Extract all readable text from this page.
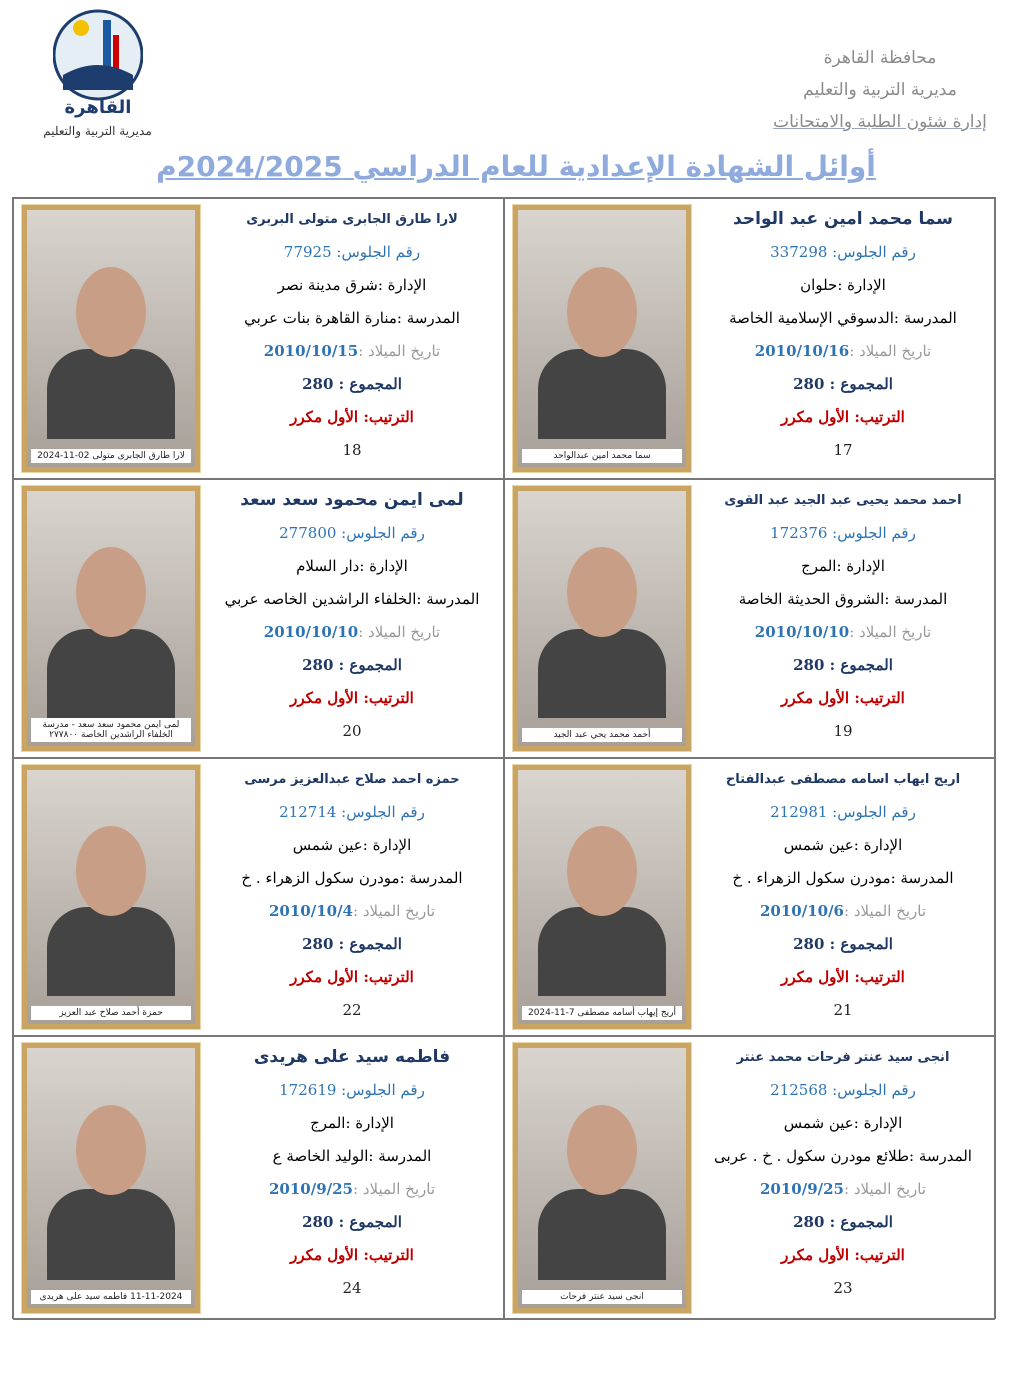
القاهرة
مديرية التربية والتعليم
محافظة القاهرة
مديرية التربية والتعليم
إدارة شئون الطلبة والامتحانات
أوائل الشهادة الإعدادية للعام الدراسي 2024/2025م
سما محمد امين عبدالواحد
سما محمد امين عبد الواحد
رقم الجلوس: 337298
الإدارة :حلوان
المدرسة :الدسوقي الإسلامية الخاصة
تاريخ الميلاد :2010/10/16
المجموع : 280
الترتيب: الأول مكرر
17
لارا طارق الجابرى متولى 02-11-2024
لارا طارق الجابرى متولى البربرى
رقم الجلوس: 77925
الإدارة :شرق مدينة نصر
المدرسة :منارة القاهرة بنات عربي
تاريخ الميلاد :2010/10/15
المجموع : 280
الترتيب: الأول مكرر
18
أحمد محمد يحي عبد الجيد
احمد محمد يحيى عبد الجيد عبد القوى
رقم الجلوس: 172376
الإدارة :المرج
المدرسة :الشروق الحديثة الخاصة
تاريخ الميلاد :2010/10/10
المجموع : 280
الترتيب: الأول مكرر
19
لمى ايمن محمود سعد سعد - مدرسة الخلفاء الراشدين الخاصة ٢٧٧٨٠٠
لمى ايمن محمود سعد سعد
رقم الجلوس: 277800
الإدارة :دار السلام
المدرسة :الخلفاء الراشدين الخاصه عربي
تاريخ الميلاد :2010/10/10
المجموع : 280
الترتيب: الأول مكرر
20
أريج إيهاب أسامه مصطفى 7-11-2024
اريج ايهاب اسامه مصطفى عبدالفتاح
رقم الجلوس: 212981
الإدارة :عين شمس
المدرسة :مودرن سكول الزهراء . خ
تاريخ الميلاد :2010/10/6
المجموع : 280
الترتيب: الأول مكرر
21
حمزة أحمد صلاح عبد العزيز
حمزه احمد صلاح عبدالعزيز مرسى
رقم الجلوس: 212714
الإدارة :عين شمس
المدرسة :مودرن سكول الزهراء . خ
تاريخ الميلاد :2010/10/4
المجموع : 280
الترتيب: الأول مكرر
22
انجى سيد عنتر فرحات
انجى سيد عنتر فرحات محمد عنتر
رقم الجلوس: 212568
الإدارة :عين شمس
المدرسة :طلائع مودرن سكول . خ . عربى
تاريخ الميلاد :2010/9/25
المجموع : 280
الترتيب: الأول مكرر
23
11-11-2024 فاطمه سيد على هريدى
فاطمه سيد على هريدى
رقم الجلوس: 172619
الإدارة :المرج
المدرسة :الوليد الخاصة ع
تاريخ الميلاد :2010/9/25
المجموع : 280
الترتيب: الأول مكرر
24
